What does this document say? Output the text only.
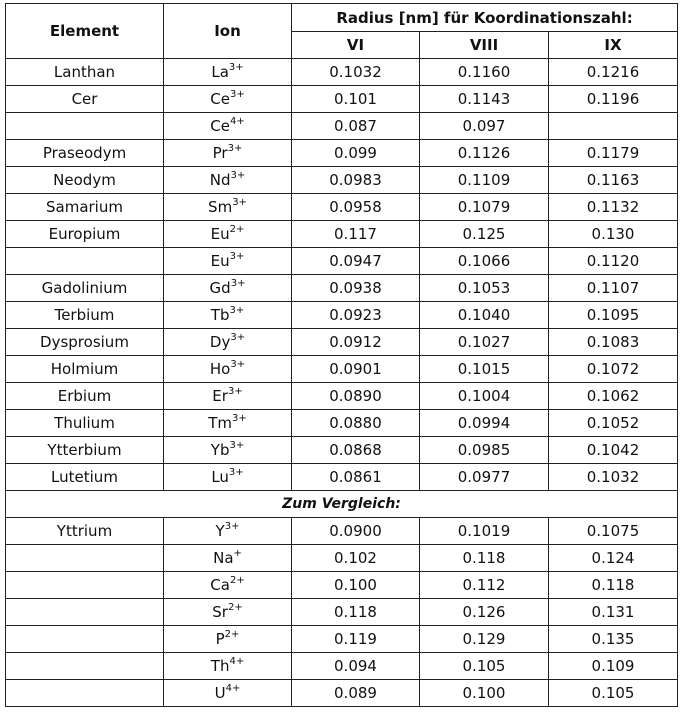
Element	Ion	Radius [nm] für Koordinationszahl:		
		VI	VIII	IX
Lanthan	$La^{3+}$	0.1032	0.1160	0.1216
Cer	$Ce^{3+}$	0.101	0.1143	0.1196
	$Ce^{4+}$	0.087	0.097	
Praseodym	$Pr^{3+}$	0.099	0.1126	0.1179
Neodym	$Nd^{3+}$	0.0983	0.1109	0.1163
Samarium	$Sm^{3+}$	0.0958	0.1079	0.1132
Europium	$Eu^{2+}$	0.117	0.125	0.130
	$Eu^{3+}$	0.0947	0.1066	0.1120
Gadolinium	$Gd^{3+}$	0.0938	0.1053	0.1107
Terbium	$Tb^{3+}$	0.0923	0.1040	0.1095
Dysprosium	$Dy^{3+}$	0.0912	0.1027	0.1083
Holmium	$Ho^{3+}$	0.0901	0.1015	0.1072
Erbium	$Er^{3+}$	0.0890	0.1004	0.1062
Thulium	$Tm^{3+}$	0.0880	0.0994	0.1052
Ytterbium	$Yb^{3+}$	0.0868	0.0985	0.1042
Lutetium	$Lu^{3+}$	0.0861	0.0977	0.1032
Zum Vergleich:				
Yttrium	$Y^{3+}$	0.0900	0.1019	0.1075
	Na+	0.102	0.118	0.124
	$Ca^{2+}$	0.100	0.112	0.118
	$Sr^{2+}$	0.118	0.126	0.131
	$P^{2+}$	0.119	0.129	0.135
	$Th^{4+}$	0.094	0.105	0.109
	$U^{4+}$	0.089	0.100	0.105
